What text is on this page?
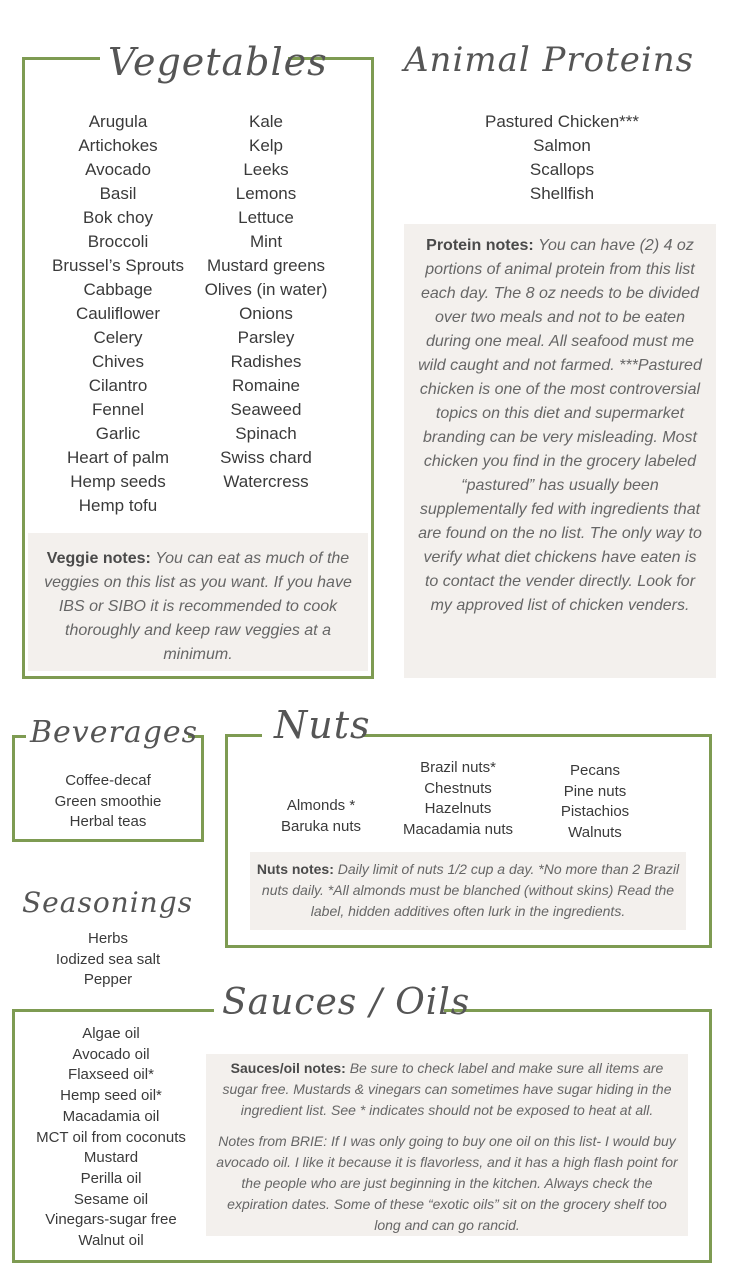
Vegetables
Arugula
Artichokes
Avocado
Basil
Bok choy
Broccoli
Brussel’s Sprouts
Cabbage
Cauliflower
Celery
Chives
Cilantro
Fennel
Garlic
Heart of palm
Hemp seeds
Hemp tofu
Kale
Kelp
Leeks
Lemons
Lettuce
Mint
Mustard greens
Olives (in water)
Onions
Parsley
Radishes
Romaine
Seaweed
Spinach
Swiss chard
Watercress
Veggie notes: You can eat as much of the veggies on this list as you want. If you have IBS or SIBO it is recommended to cook thoroughly and keep raw veggies at a minimum.
Animal Proteins
Pastured Chicken***
Salmon
Scallops
Shellfish
Protein notes: You can have (2) 4 oz portions of animal protein from this list each day. The 8 oz needs to be divided over two meals and not to be eaten during one meal. All seafood must me wild caught and not farmed. ***Pastured chicken is one of the most controversial topics on this diet and supermarket branding can be very misleading. Most chicken you find in the grocery labeled “pastured” has usually been supplementally fed with ingredients that are found on the no list. The only way to verify what diet chickens have eaten is to contact the vender directly. Look for my approved list of chicken venders.
Beverages
Coffee-decaf
Green smoothie
Herbal teas
Seasonings
Herbs
Iodized sea salt
Pepper
Nuts
Almonds *
Baruka nuts
Brazil nuts*
Chestnuts
Hazelnuts
Macadamia nuts
Pecans
Pine nuts
Pistachios
Walnuts
Nuts notes: Daily limit of nuts 1/2 cup a day. *No more than 2 Brazil nuts daily. *All almonds must be blanched (without skins) Read the label, hidden additives often lurk in the ingredients.
Sauces / Oils
Algae oil
Avocado oil
Flaxseed oil*
Hemp seed oil*
Macadamia oil
MCT oil from coconuts
Mustard
Perilla oil
Sesame oil
Vinegars-sugar free
Walnut oil
Sauces/oil notes: Be sure to check label and make sure all items are sugar free. Mustards & vinegars can sometimes have sugar hiding in the ingredient list. See * indicates should not be exposed to heat at all.
Notes from BRIE: If I was only going to buy one oil on this list- I would buy avocado oil. I like it because it is flavorless, and it has a high flash point for the people who are just beginning in the kitchen. Always check the expiration dates. Some of these “exotic oils” sit on the grocery shelf too long and can go rancid.
